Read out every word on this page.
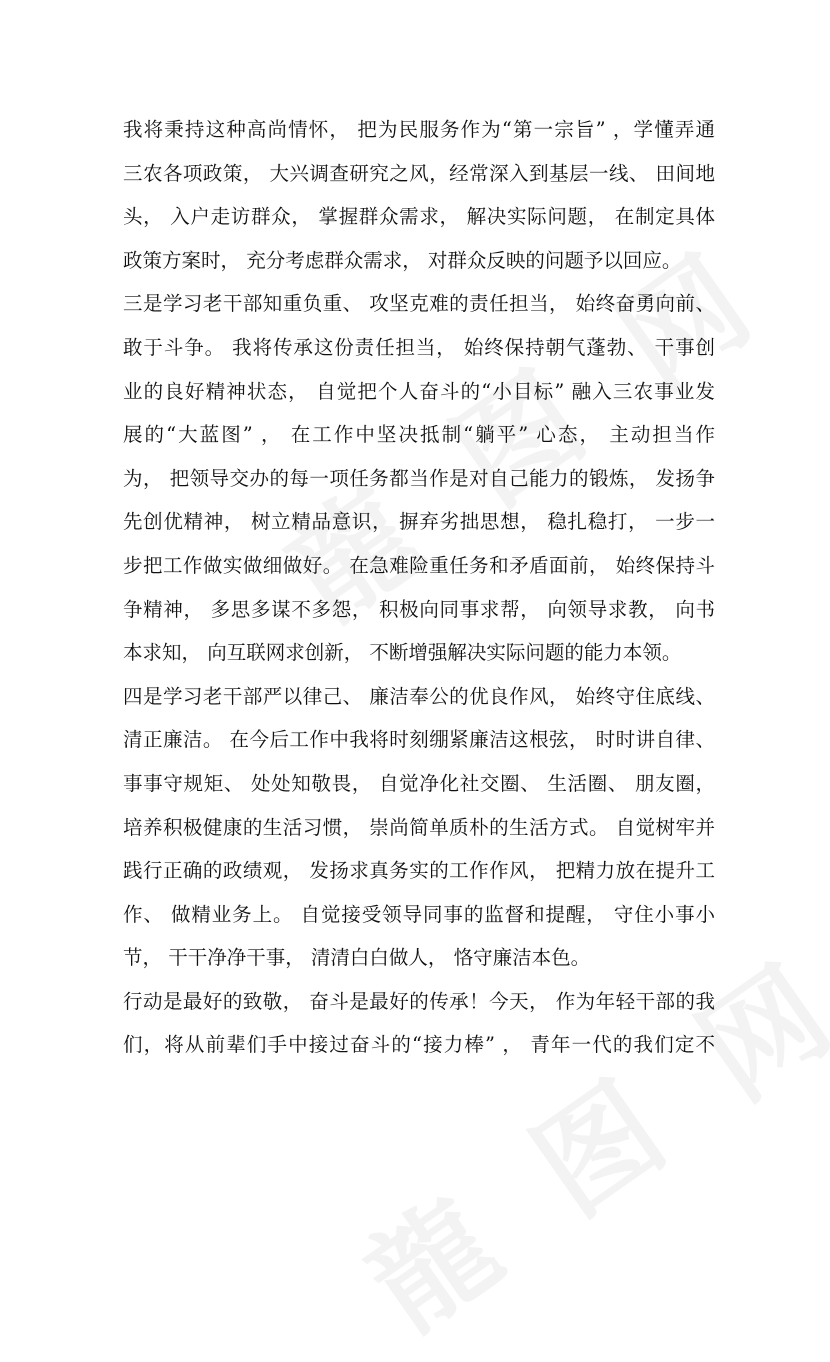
我将秉持这种高尚情怀， 把为民服务作为“第一宗旨” ，学懂弄通
三农各项政策， 大兴调查研究之风，经常深入到基层一线、 田间地
头， 入户走访群众， 掌握群众需求， 解决实际问题， 在制定具体
政策方案时， 充分考虑群众需求， 对群众反映的问题予以回应。
三是学习老干部知重负重、 攻坚克难的责任担当， 始终奋勇向前、
敢于斗争。 我将传承这份责任担当， 始终保持朝气蓬勃、 干事创
业的良好精神状态， 自觉把个人奋斗的“小目标” 融入三农事业发
展的“大蓝图” ， 在工作中坚决抵制“躺平” 心态， 主动担当作
为， 把领导交办的每一项任务都当作是对自己能力的锻炼， 发扬争
先创优精神， 树立精品意识， 摒弃劣拙思想， 稳扎稳打， 一步一
步把工作做实做细做好。 在急难险重任务和矛盾面前， 始终保持斗
争精神， 多思多谋不多怨， 积极向同事求帮， 向领导求教， 向书
本求知， 向互联网求创新， 不断增强解决实际问题的能力本领。
四是学习老干部严以律己、 廉洁奉公的优良作风， 始终守住底线、
清正廉洁。 在今后工作中我将时刻绷紧廉洁这根弦， 时时讲自律、
事事守规矩、 处处知敬畏， 自觉净化社交圈、 生活圈、 朋友圈，
培养积极健康的生活习惯， 崇尚简单质朴的生活方式。 自觉树牢并
践行正确的政绩观， 发扬求真务实的工作作风， 把精力放在提升工
作、 做精业务上。 自觉接受领导同事的监督和提醒， 守住小事小
节， 干干净净干事， 清清白白做人， 恪守廉洁本色。
行动是最好的致敬， 奋斗是最好的传承！今天， 作为年轻干部的我
们，将从前辈们手中接过奋斗的“接力棒” ， 青年一代的我们定不
